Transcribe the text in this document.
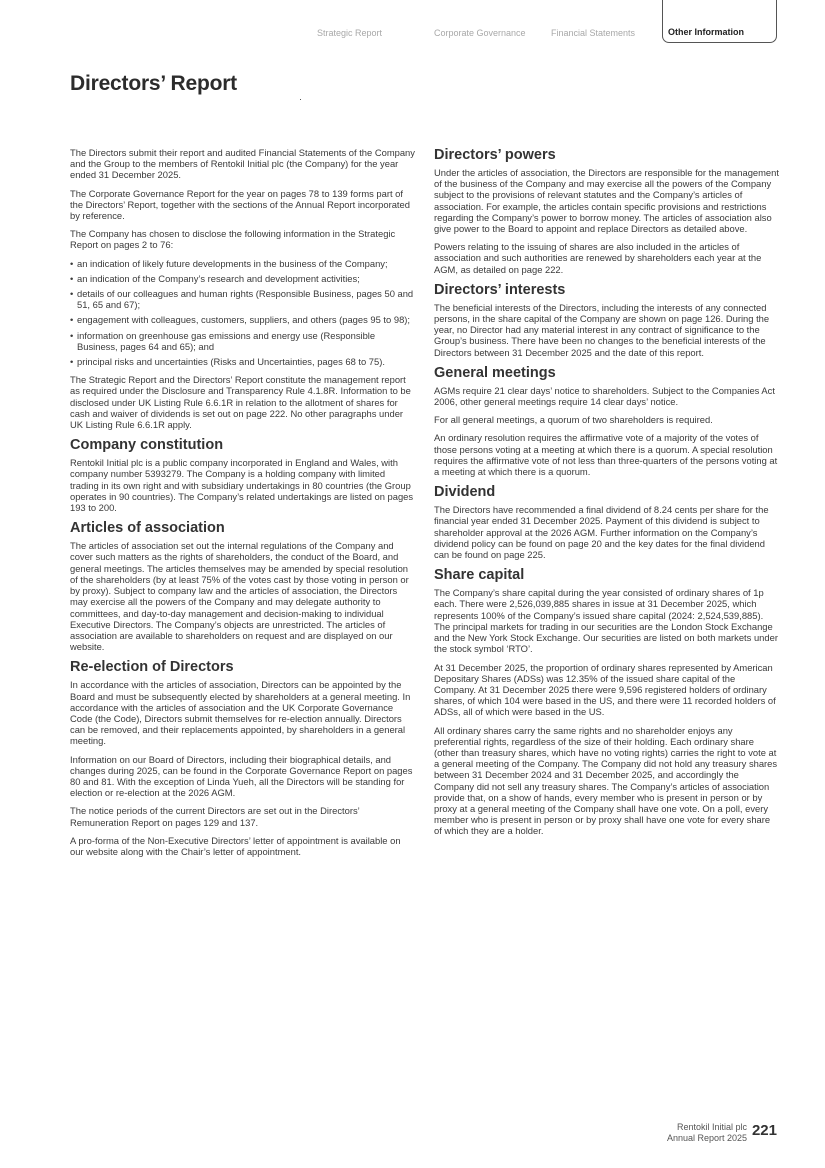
Strategic Report	Corporate Governance	Financial Statements	Other Information
Directors’ Report

The Directors submit their report and audited Financial Statements of the Company and the Group to the members of Rentokil Initial plc (the Company) for the year ended 31 December 2025.

The Corporate Governance Report for the year on pages 78 to 139 forms part of the Directors’ Report, together with the sections of the Annual Report incorporated by reference.

The Company has chosen to disclose the following information in the Strategic Report on pages 2 to 76:

• an indication of likely future developments in the business of the Company;
• an indication of the Company’s research and development activities;
• details of our colleagues and human rights (Responsible Business, pages 50 and 51, 65 and 67);
• engagement with colleagues, customers, suppliers, and others (pages 95 to 98);
• information on greenhouse gas emissions and energy use (Responsible Business, pages 64 and 65); and
• principal risks and uncertainties (Risks and Uncertainties, pages 68 to 75).

The Strategic Report and the Directors’ Report constitute the management report as required under the Disclosure and Transparency Rule 4.1.8R. Information to be disclosed under UK Listing Rule 6.6.1R in relation to the allotment of shares for cash and waiver of dividends is set out on page 222. No other paragraphs under UK Listing Rule 6.6.1R apply.

Company constitution

Rentokil Initial plc is a public company incorporated in England and Wales, with company number 5393279. The Company is a holding company with limited trading in its own right and with subsidiary undertakings in 80 countries (the Group operates in 90 countries). The Company’s related undertakings are listed on pages 193 to 200.

Articles of association

The articles of association set out the internal regulations of the Company and cover such matters as the rights of shareholders, the conduct of the Board, and general meetings. The articles themselves may be amended by special resolution of the shareholders (by at least 75% of the votes cast by those voting in person or by proxy). Subject to company law and the articles of association, the Directors may exercise all the powers of the Company and may delegate authority to committees, and day-to-day management and decision-making to individual Executive Directors. The Company’s objects are unrestricted. The articles of association are available to shareholders on request and are displayed on our website.

Re-election of Directors

In accordance with the articles of association, Directors can be appointed by the Board and must be subsequently elected by shareholders at a general meeting. In accordance with the articles of association and the UK Corporate Governance Code (the Code), Directors submit themselves for re-election annually. Directors can be removed, and their replacements appointed, by shareholders in a general meeting.

Information on our Board of Directors, including their biographical details, and changes during 2025, can be found in the Corporate Governance Report on pages 80 and 81. With the exception of Linda Yueh, all the Directors will be standing for election or re-election at the 2026 AGM.

The notice periods of the current Directors are set out in the Directors’ Remuneration Report on pages 129 and 137.

A pro-forma of the Non-Executive Directors’ letter of appointment is available on our website along with the Chair’s letter of appointment.

Directors’ powers

Under the articles of association, the Directors are responsible for the management of the business of the Company and may exercise all the powers of the Company subject to the provisions of relevant statutes and the Company’s articles of association. For example, the articles contain specific provisions and restrictions regarding the Company’s power to borrow money. The articles of association also give power to the Board to appoint and replace Directors as detailed above.

Powers relating to the issuing of shares are also included in the articles of association and such authorities are renewed by shareholders each year at the AGM, as detailed on page 222.

Directors’ interests

The beneficial interests of the Directors, including the interests of any connected persons, in the share capital of the Company are shown on page 126. During the year, no Director had any material interest in any contract of significance to the Group’s business. There have been no changes to the beneficial interests of the Directors between 31 December 2025 and the date of this report.

General meetings

AGMs require 21 clear days’ notice to shareholders. Subject to the Companies Act 2006, other general meetings require 14 clear days’ notice.

For all general meetings, a quorum of two shareholders is required.

An ordinary resolution requires the affirmative vote of a majority of the votes of those persons voting at a meeting at which there is a quorum. A special resolution requires the affirmative vote of not less than three-quarters of the persons voting at a meeting at which there is a quorum.

Dividend

The Directors have recommended a final dividend of 8.24 cents per share for the financial year ended 31 December 2025. Payment of this dividend is subject to shareholder approval at the 2026 AGM. Further information on the Company’s dividend policy can be found on page 20 and the key dates for the final dividend can be found on page 225.

Share capital

The Company’s share capital during the year consisted of ordinary shares of 1p each. There were 2,526,039,885 shares in issue at 31 December 2025, which represents 100% of the Company’s issued share capital (2024: 2,524,539,885). The principal markets for trading in our securities are the London Stock Exchange and the New York Stock Exchange. Our securities are listed on both markets under the stock symbol ‘RTO’.

At 31 December 2025, the proportion of ordinary shares represented by American Depositary Shares (ADSs) was 12.35% of the issued share capital of the Company. At 31 December 2025 there were 9,596 registered holders of ordinary shares, of which 104 were based in the US, and there were 11 recorded holders of ADSs, all of which were based in the US.

All ordinary shares carry the same rights and no shareholder enjoys any preferential rights, regardless of the size of their holding. Each ordinary share (other than treasury shares, which have no voting rights) carries the right to vote at a general meeting of the Company. The Company did not hold any treasury shares between 31 December 2024 and 31 December 2025, and accordingly the Company did not sell any treasury shares. The Company’s articles of association provide that, on a show of hands, every member who is present in person or by proxy at a general meeting of the Company shall have one vote. On a poll, every member who is present in person or by proxy shall have one vote for every share of which they are a holder.

Rentokil Initial plc
Annual Report 2025 221
